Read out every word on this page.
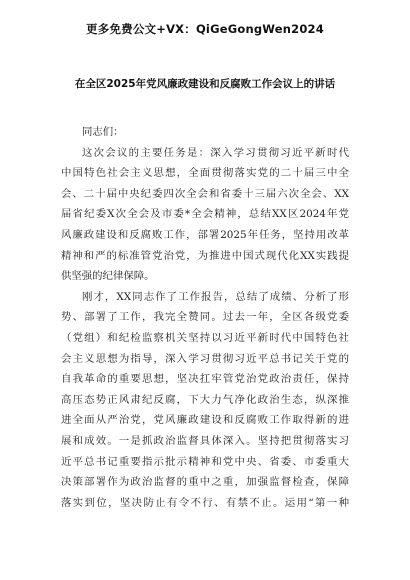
更多免费公文+VX：QiGeGongWen2024
在全区2025年党风廉政建设和反腐败工作会议上的讲话
同志们：
这次会议的主要任务是：深入学习贯彻习近平新时代
中国特色社会主义思想，全面贯彻落实党的二十届三中全
会、二十届中央纪委四次全会和省委十三届六次全会、XX
届省纪委X次全会及市委*全会精神，总结XX区2024年党
风廉政建设和反腐败工作，部署2025年任务，坚持用改革
精神和严的标准管党治党，为推进中国式现代化XX实践提
供坚强的纪律保障。
刚才，XX同志作了工作报告，总结了成绩、分析了形
势、部署了工作，我完全赞同。过去一年，全区各级党委
（党组）和纪检监察机关坚持以习近平新时代中国特色社
会主义思想为指导，深入学习贯彻习近平总书记关于党的
自我革命的重要思想，坚决扛牢管党治党政治责任，保持
高压态势正风肃纪反腐，下大力气净化政治生态，纵深推
进全面从严治党，党风廉政建设和反腐败工作取得新的进
展和成效。一是抓政治监督具体深入。坚持把贯彻落实习
近平总书记重要指示批示精神和党中央、省委、市委重大
决策部署作为政治监督的重中之重，加强监督检查，保障
落实到位，坚决防止有令不行、有禁不止。运用“第一种
